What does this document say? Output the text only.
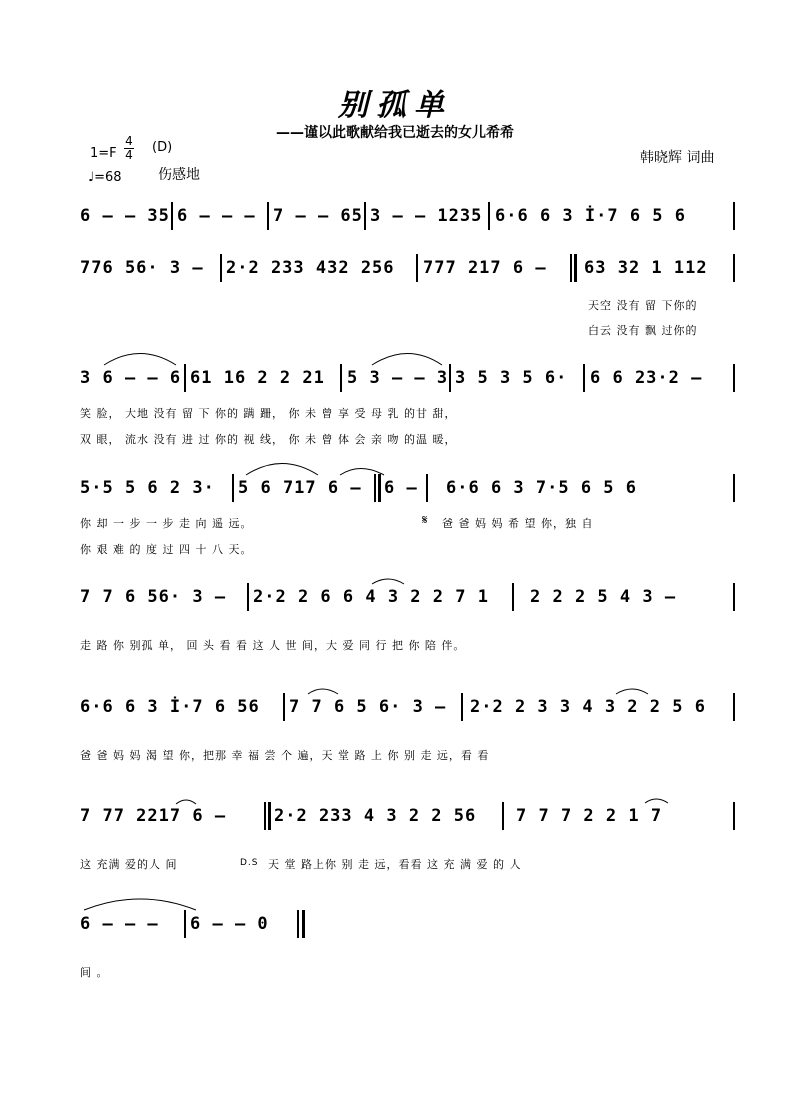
别孤单
——谨以此歌献给我已逝去的女儿希希
1=F
4
4 (D)
♩=68	伤感地
韩晓辉 词曲
6 – – 35 6 – – – 7 – – 65 3 – – 1235 6·6 6 3 İ·7 6 5 6
776 56· 3 – 2·2 233 432 256 777 217 6 – 63 32 1 112
天空 没有 留 下你的
白云 没有 飘 过你的
3 6 – – 6 61 16 2 2 21 5 3 – – 3 3 5 3 5 6· 6 6 23·2 –
笑 脸， 大地 没有 留 下 你的 蹒 跚， 你 未 曾 享 受 母 乳 的甘 甜，
双 眼， 流水 没有 进 过 你的 视 线， 你 未 曾 体 会 亲 吻 的温 暖，
5·5 5 6 2 3· 5 6 717 6 – 6 – 6·6 6 3 7·5 6 5 6
你 却 一 步 一 步 走 向 遥 远。	𝄋 爸 爸 妈 妈 希 望 你，独 自
你 艰 难 的 度 过 四 十 八 天。
7 7 6 56· 3 – 2·2 2 6 6 4 3 2 2 7 1 2 2 2 5 4 3 –
走 路 你 别孤 单， 回 头 看 看 这 人 世 间，大 爱 同 行 把 你 陪 伴。
6·6 6 3 İ·7 6 56 7 7 6 5 6· 3 – 2·2 2 3 3 4 3 2 2 5 6
爸 爸 妈 妈 渴 望 你，把那 幸 福 尝 个 遍，天 堂 路 上 你 别 走 远，看 看
7 77 2217 6 –	2·2 233 4 3 2 2 56 7 7 7 2 2 1 7
这 充满 爱的人 间	D.S 天 堂 路上你 别 走 远，看看 这 充 满 爱 的 人
6 – – – 6 – – 0
间 。
